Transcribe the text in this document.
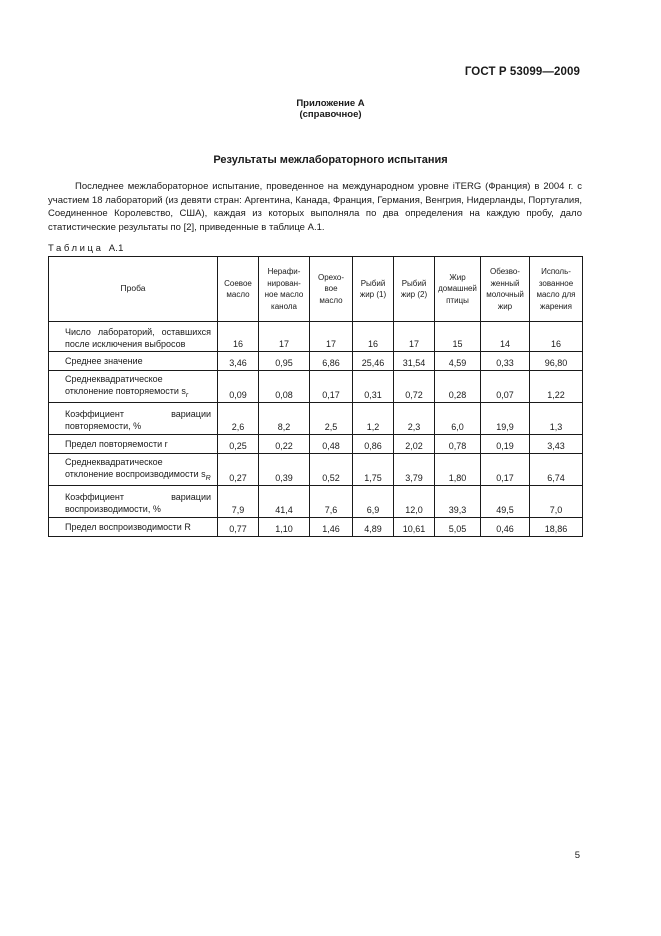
ГОСТ Р 53099—2009
Приложение А
(справочное)
Результаты межлабораторного испытания

Последнее межлабораторное испытание, проведенное на международном уровне iTERG (Франция) в 2004 г. с участием 18 лабораторий (из девяти стран: Аргентина, Канада, Франция, Германия, Венгрия, Нидерланды, Португалия, Соединенное Королевство, США), каждая из которых выполняла по два определения на каждую пробу, дало статистические результаты по [2], приведенные в таблице А.1.

Таблица А.1
Проба	Соевое масло	Нерафинированное масло канола	Ореховое масло	Рыбий жир (1)	Рыбий жир (2)	Жир домашней птицы	Обезвоженный молочный жир	Использованное масло для жарения
Число лабораторий, оставшихся после исключения выбросов	16	17	17	16	17	15	14	16
Среднее значение	3,46	0,95	6,86	25,46	31,54	4,59	0,33	96,80
Среднеквадратическое отклонение повторяемости $s_r$	0,09	0,08	0,17	0,31	0,72	0,28	0,07	1,22
Коэффициент вариации повторяемости, %	2,6	8,2	2,5	1,2	2,3	6,0	19,9	1,3
Предел повторяемости r	0,25	0,22	0,48	0,86	2,02	0,78	0,19	3,43
Среднеквадратическое отклонение воспроизводимости $s_R$	0,27	0,39	0,52	1,75	3,79	1,80	0,17	6,74
Коэффициент вариации воспроизводимости, %	7,9	41,4	7,6	6,9	12,0	39,3	49,5	7,0
Предел воспроизводимости R	0,77	1,10	1,46	4,89	10,61	5,05	0,46	18,86
5
